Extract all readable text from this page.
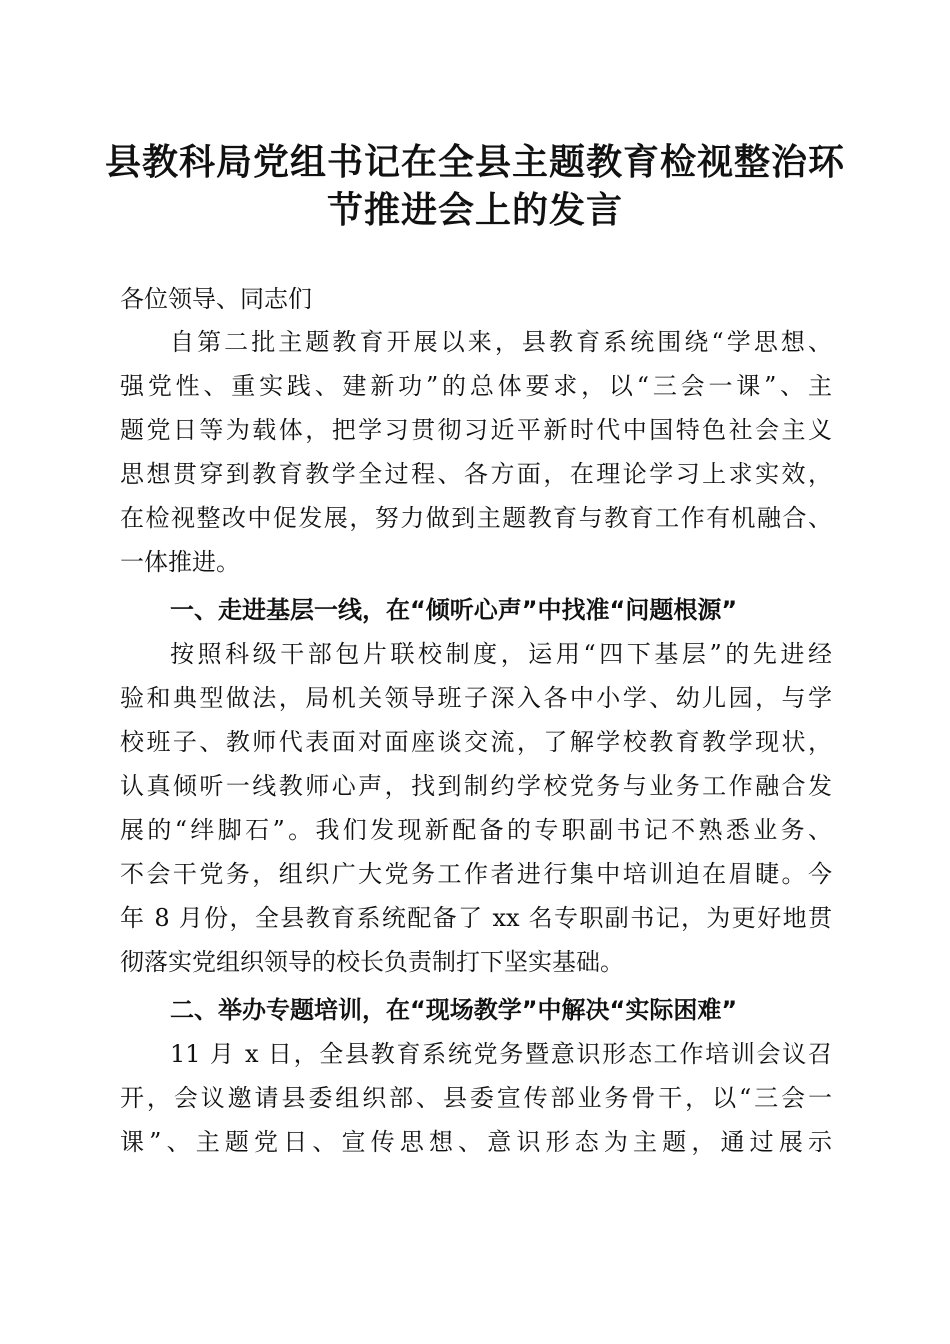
县教科局党组书记在全县主题教育检视整治环
节推进会上的发言
各位领导、同志们
自第二批主题教育开展以来，县教育系统围绕“学思想、
强党性、重实践、建新功”的总体要求，以“三会一课”、主
题党日等为载体，把学习贯彻习近平新时代中国特色社会主义
思想贯穿到教育教学全过程、各方面，在理论学习上求实效，
在检视整改中促发展，努力做到主题教育与教育工作有机融合、
一体推进。
一、走进基层一线，在“倾听心声”中找准“问题根源”
按照科级干部包片联校制度，运用“四下基层”的先进经
验和典型做法，局机关领导班子深入各中小学、幼儿园，与学
校班子、教师代表面对面座谈交流，了解学校教育教学现状，
认真倾听一线教师心声，找到制约学校党务与业务工作融合发
展的“绊脚石”。我们发现新配备的专职副书记不熟悉业务、
不会干党务，组织广大党务工作者进行集中培训迫在眉睫。今
年 8 月份，全县教育系统配备了 xx 名专职副书记，为更好地贯
彻落实党组织领导的校长负责制打下坚实基础。
二、举办专题培训，在“现场教学”中解决“实际困难”
11 月 x 日，全县教育系统党务暨意识形态工作培训会议召
开，会议邀请县委组织部、县委宣传部业务骨干，以“三会一
课”、主题党日、宣传思想、意识形态为主题，通过展示
